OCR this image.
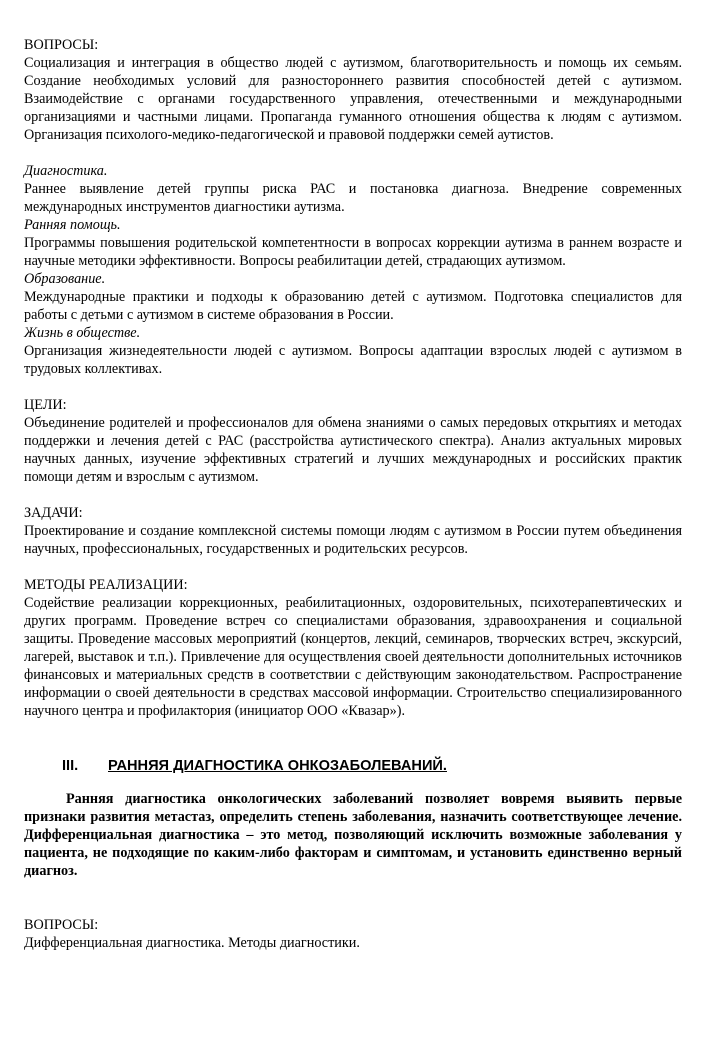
ВОПРОСЫ:

Социализация и интеграция в общество людей с аутизмом, благотворительность и помощь их семьям. Создание необходимых условий для разностороннего развития способностей детей с аутизмом. Взаимодействие с органами государственного управления, отечественными и международными организациями и частными лицами. Пропаганда гуманного отношения общества к людям с аутизмом. Организация психолого-медико-педагогической и правовой поддержки семей аутистов.

Диагностика.

Раннее выявление детей группы риска РАС и постановка диагноза. Внедрение современных международных инструментов диагностики аутизма.

Ранняя помощь.

Программы повышения родительской компетентности в вопросах коррекции аутизма в раннем возрасте и научные методики эффективности. Вопросы реабилитации детей, страдающих аутизмом.

Образование.

Международные практики и подходы к образованию детей с аутизмом. Подготовка специалистов для работы с детьми с аутизмом в системе образования в России.

Жизнь в обществе.

Организация жизнедеятельности людей с аутизмом. Вопросы адаптации взрослых людей с аутизмом в трудовых коллективах.

ЦЕЛИ:

Объединение родителей и профессионалов для обмена знаниями о самых передовых открытиях и методах поддержки и лечения детей с РАС (расстройства аутистического спектра). Анализ актуальных мировых научных данных, изучение эффективных стратегий и лучших международных и российских практик помощи детям и взрослым с аутизмом.

ЗАДАЧИ:

Проектирование и создание комплексной системы помощи людям с аутизмом в России путем объединения научных, профессиональных, государственных и родительских ресурсов.

МЕТОДЫ РЕАЛИЗАЦИИ:

Содействие реализации коррекционных, реабилитационных, оздоровительных, психотерапевтических и других программ. Проведение встреч со специалистами образования, здравоохранения и социальной защиты. Проведение массовых мероприятий (концертов, лекций, семинаров, творческих встреч, экскурсий, лагерей, выставок и т.п.). Привлечение для осуществления своей деятельности дополнительных источников финансовых и материальных средств в соответствии с действующим законодательством. Распространение информации о своей деятельности в средствах массовой информации. Строительство специализированного научного центра и профилактория (инициатор ООО «Квазар»).

III. РАННЯЯ ДИАГНОСТИКА ОНКОЗАБОЛЕВАНИЙ.

Ранняя диагностика онкологических заболеваний позволяет вовремя выявить первые признаки развития метастаз, определить степень заболевания, назначить соответствующее лечение. Дифференциальная диагностика – это метод, позволяющий исключить возможные заболевания у пациента, не подходящие по каким-либо факторам и симптомам, и установить единственно верный диагноз.

ВОПРОСЫ:

Дифференциальная диагностика. Методы диагностики.
